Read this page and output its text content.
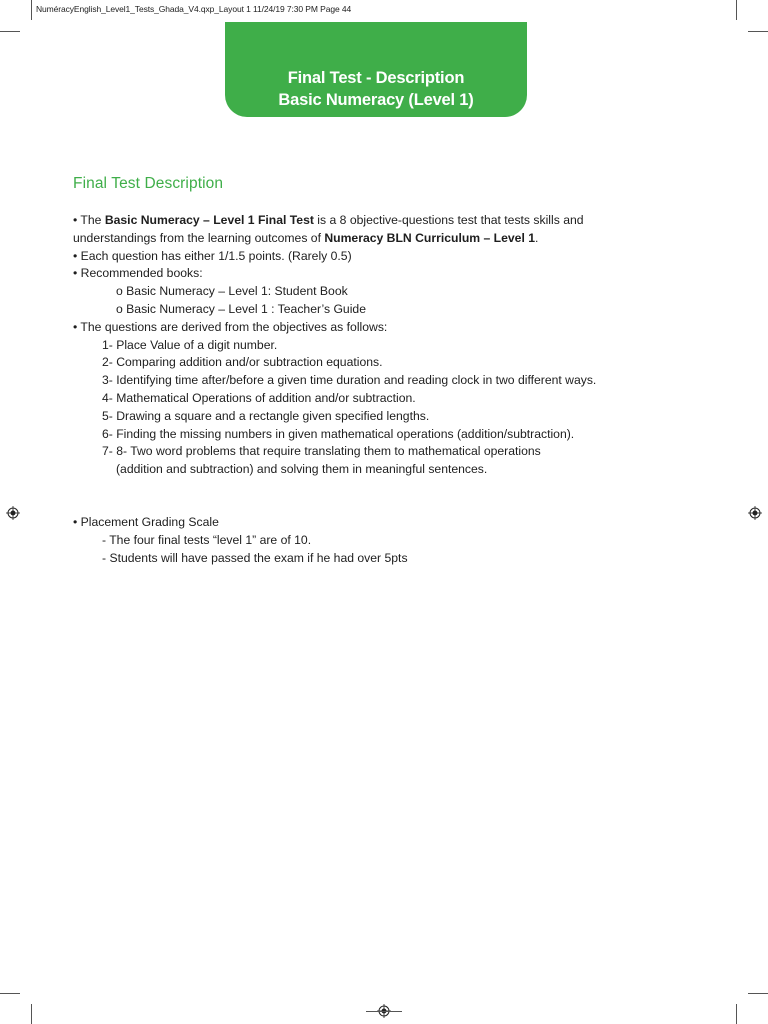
NuméracyEnglish_Level1_Tests_Ghada_V4.qxp_Layout 1 11/24/19 7:30 PM Page 44
Final Test - Description
Basic Numeracy (Level 1)
Final Test Description
• The Basic Numeracy – Level 1 Final Test is a 8 objective-questions test that tests skills and
understandings from the learning outcomes of Numeracy BLN Curriculum – Level 1.
• Each question has either 1/1.5 points. (Rarely 0.5)
• Recommended books:
o Basic Numeracy – Level 1: Student Book
o Basic Numeracy – Level 1 : Teacher’s Guide
• The questions are derived from the objectives as follows:
1- Place Value of a digit number.
2- Comparing addition and/or subtraction equations.
3- Identifying time after/before a given time duration and reading clock in two different ways.
4- Mathematical Operations of addition and/or subtraction.
5- Drawing a square and a rectangle given specified lengths.
6- Finding the missing numbers in given mathematical operations (addition/subtraction).
7- 8- Two word problems that require translating them to mathematical operations
(addition and subtraction) and solving them in meaningful sentences.
• Placement Grading Scale
- The four final tests “level 1” are of 10.
- Students will have passed the exam if he had over 5pts
